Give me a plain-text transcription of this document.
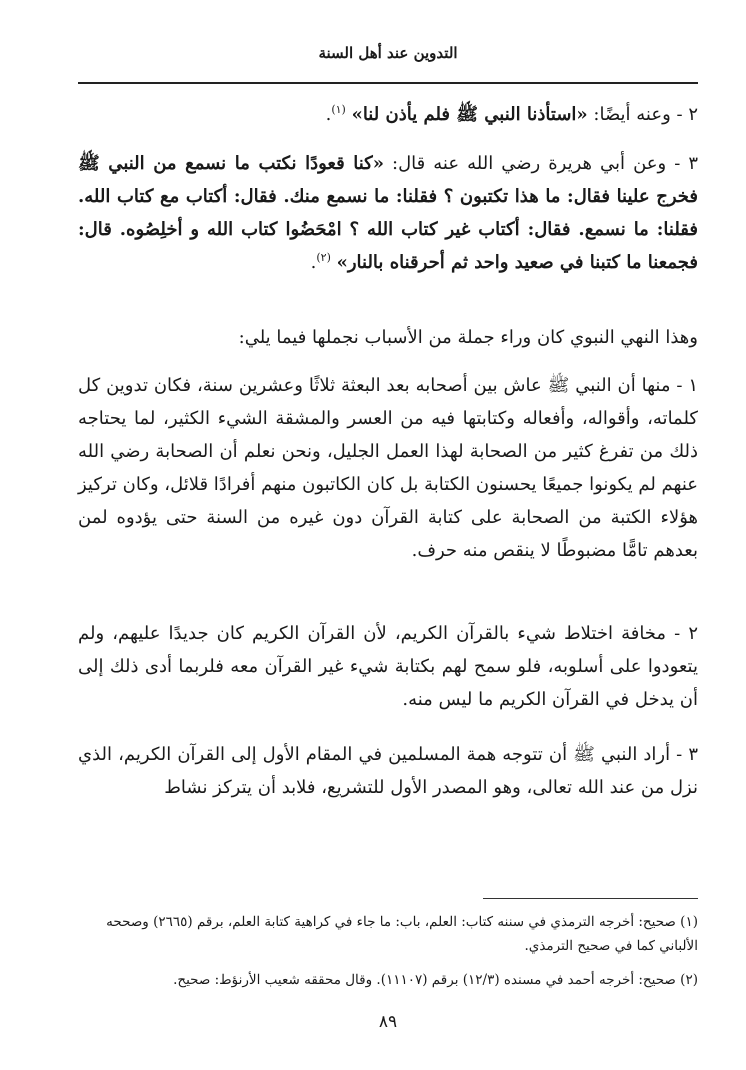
التدوين عند أهل السنة

٢ - وعنه أيضًا: «استأذنا النبي ﷺ فلم يأذن لنا» $^{(١)}$.

٣ - وعن أبي هريرة رضي الله عنه قال: «كنا قعودًا نكتب ما نسمع من النبي ﷺ فخرج علينا فقال: ما هذا تكتبون ؟ فقلنا: ما نسمع منك. فقال: أكتاب مع كتاب الله. فقلنا: ما نسمع. فقال: أكتاب غير كتاب الله ؟ امْحَضُوا كتاب الله و أخلِصُوه. قال: فجمعنا ما كتبنا في صعيد واحد ثم أحرقناه بالنار» $^{(٢)}$.

وهذا النهي النبوي كان وراء جملة من الأسباب نجملها فيما يلي:

١ - منها أن النبي ﷺ عاش بين أصحابه بعد البعثة ثلاثًا وعشرين سنة، فكان تدوين كل كلماته، وأقواله، وأفعاله وكتابتها فيه من العسر والمشقة الشيء الكثير، لما يحتاجه ذلك من تفرغ كثير من الصحابة لهذا العمل الجليل، ونحن نعلم أن الصحابة رضي الله عنهم لم يكونوا جميعًا يحسنون الكتابة بل كان الكاتبون منهم أفرادًا قلائل، وكان تركيز هؤلاء الكتبة من الصحابة على كتابة القرآن دون غيره من السنة حتى يؤدوه لمن بعدهم تامًّا مضبوطًا لا ينقص منه حرف.

٢ - مخافة اختلاط شيء بالقرآن الكريم، لأن القرآن الكريم كان جديدًا عليهم، ولم يتعودوا على أسلوبه، فلو سمح لهم بكتابة شيء غير القرآن معه فلربما أدى ذلك إلى أن يدخل في القرآن الكريم ما ليس منه.

٣ - أراد النبي ﷺ أن تتوجه همة المسلمين في المقام الأول إلى القرآن الكريم، الذي نزل من عند الله تعالى، وهو المصدر الأول للتشريع، فلابد أن يتركز نشاط

(١) صحيح: أخرجه الترمذي في سننه كتاب: العلم، باب: ما جاء في كراهية كتابة العلم، برقم (٢٦٦٥) وصححه الألباني كما في صحيح الترمذي.

(٢) صحيح: أخرجه أحمد في مسنده (١٢/٣) برقم (١١١٠٧). وقال محققه شعيب الأرنؤط: صحيح.

٨٩
